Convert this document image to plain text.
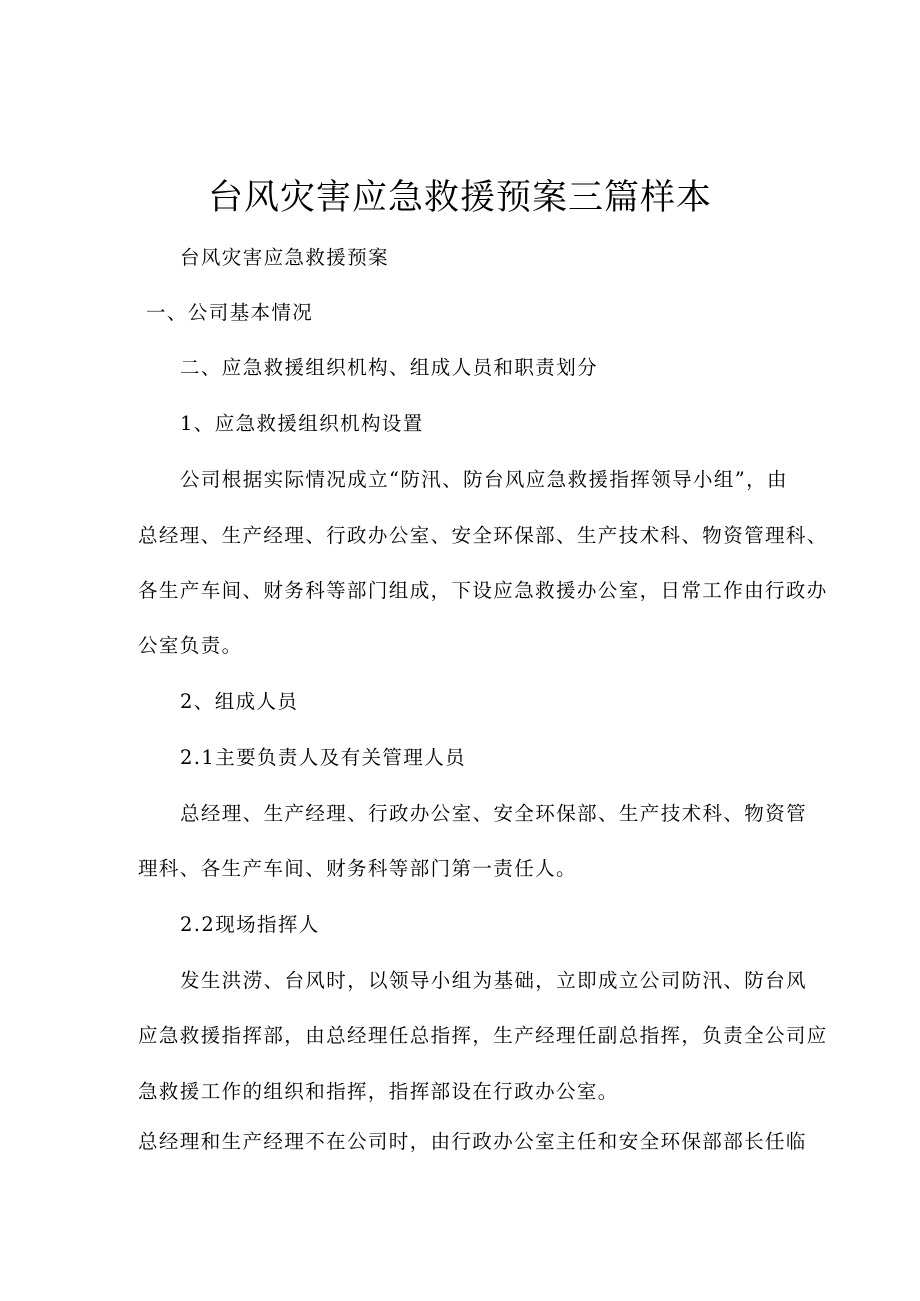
台风灾害应急救援预案三篇样本
台风灾害应急救援预案
一、公司基本情况
二、应急救援组织机构、组成人员和职责划分
1、应急救援组织机构设置
公司根据实际情况成立“防汛、防台风应急救援指挥领导小组”，由
总经理、生产经理、行政办公室、安全环保部、生产技术科、物资管理科、
各生产车间、财务科等部门组成，下设应急救援办公室，日常工作由行政办
公室负责。
2、组成人员
2.1主要负责人及有关管理人员
总经理、生产经理、行政办公室、安全环保部、生产技术科、物资管
理科、各生产车间、财务科等部门第一责任人。
2.2现场指挥人
发生洪涝、台风时，以领导小组为基础，立即成立公司防汛、防台风
应急救援指挥部，由总经理任总指挥，生产经理任副总指挥，负责全公司应
急救援工作的组织和指挥，指挥部设在行政办公室。
总经理和生产经理不在公司时，由行政办公室主任和安全环保部部长任临
